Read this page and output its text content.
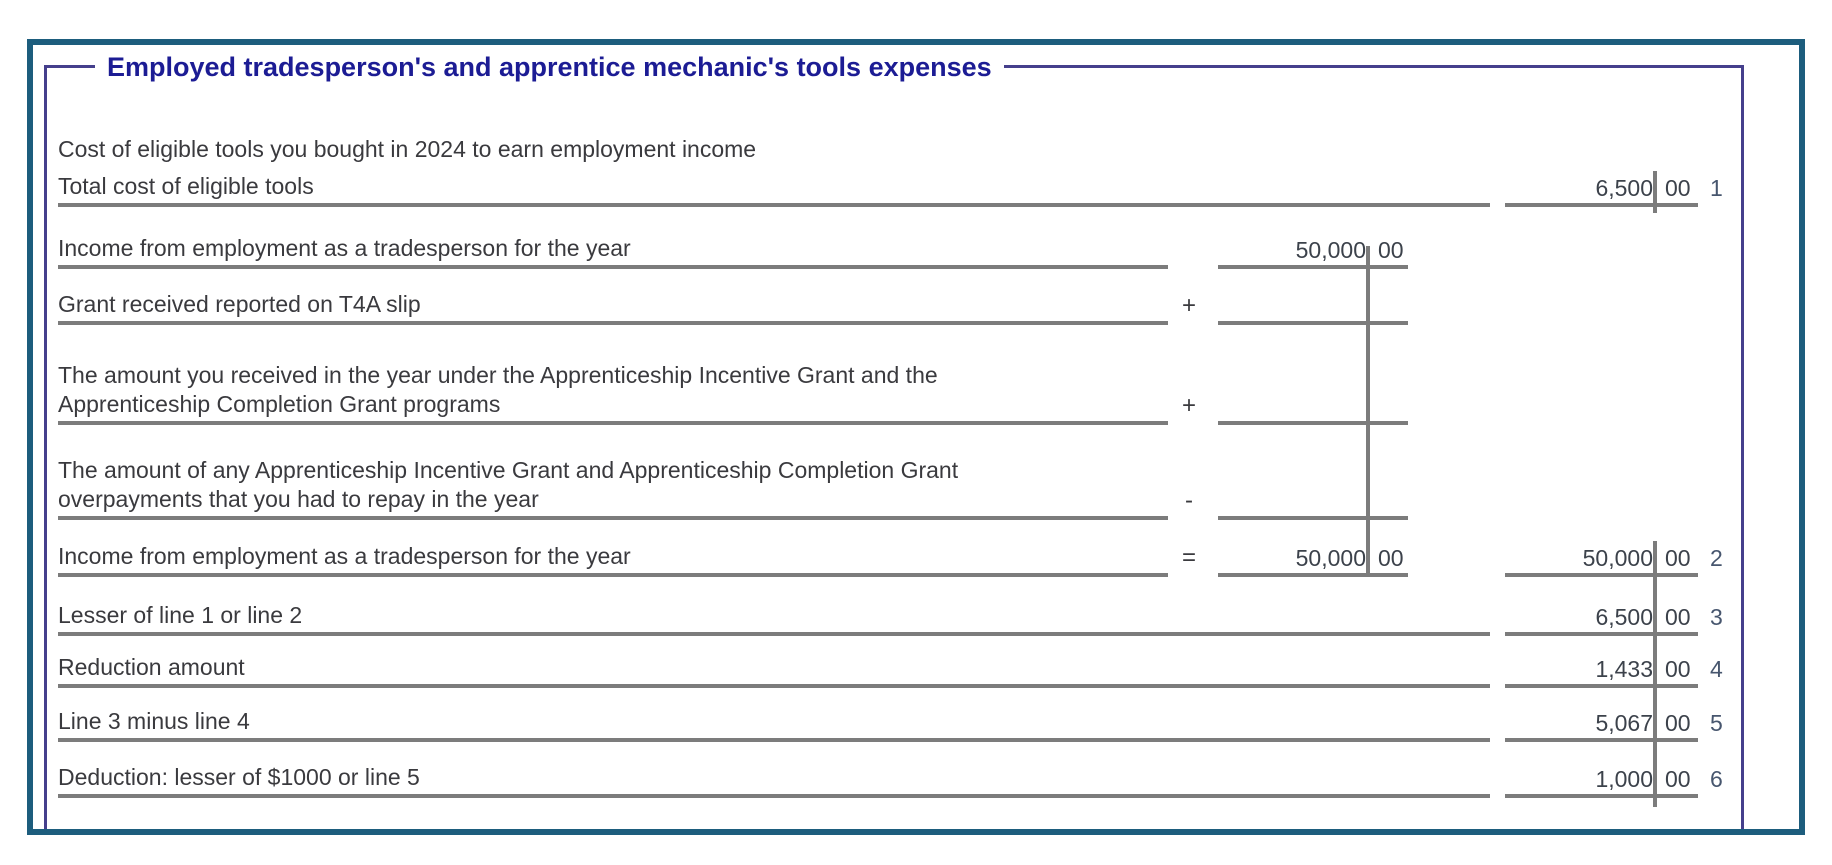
Employed tradesperson's and apprentice mechanic's tools expenses
Cost of eligible tools you bought in 2024 to earn employment income
Total cost of eligible tools	6,500 00 1
Income from employment as a tradesperson for the year	50,000 00
Grant received reported on T4A slip	+
The amount you received in the year under the Apprenticeship Incentive Grant and the
Apprenticeship Completion Grant programs	+
The amount of any Apprenticeship Incentive Grant and Apprenticeship Completion Grant
overpayments that you had to repay in the year	-
Income from employment as a tradesperson for the year	=	50,000 00	50,000 00 2
Lesser of line 1 or line 2	6,500 00 3
Reduction amount	1,433 00 4
Line 3 minus line 4	5,067 00 5
Deduction: lesser of $1000 or line 5	1,000 00 6
